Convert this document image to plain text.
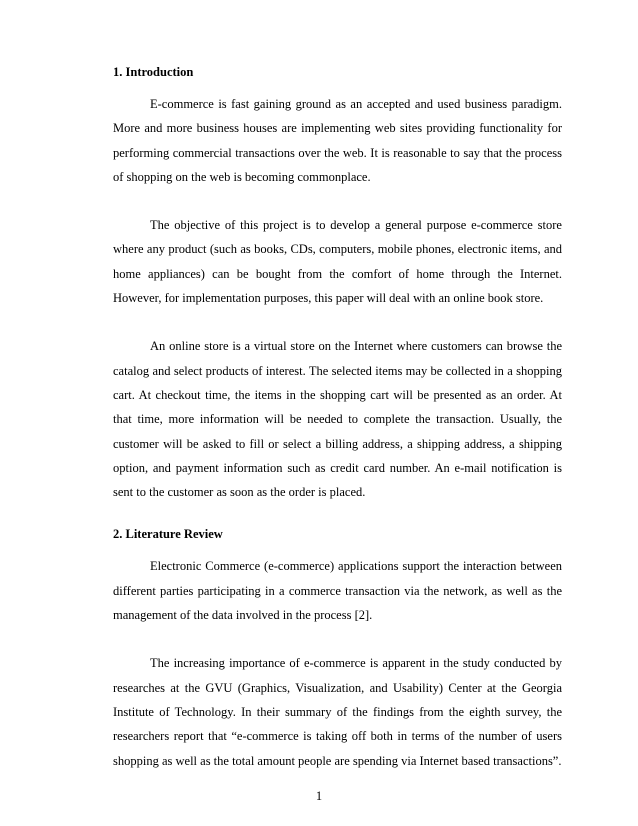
1. Introduction

E-commerce is fast gaining ground as an accepted and used business paradigm. More and more business houses are implementing web sites providing functionality for performing commercial transactions over the web. It is reasonable to say that the process of shopping on the web is becoming commonplace.

The objective of this project is to develop a general purpose e-commerce store where any product (such as books, CDs, computers, mobile phones, electronic items, and home appliances) can be bought from the comfort of home through the Internet. However, for implementation purposes, this paper will deal with an online book store.

An online store is a virtual store on the Internet where customers can browse the catalog and select products of interest. The selected items may be collected in a shopping cart. At checkout time, the items in the shopping cart will be presented as an order. At that time, more information will be needed to complete the transaction. Usually, the customer will be asked to fill or select a billing address, a shipping address, a shipping option, and payment information such as credit card number. An e-mail notification is sent to the customer as soon as the order is placed.

2. Literature Review

Electronic Commerce (e-commerce) applications support the interaction between different parties participating in a commerce transaction via the network, as well as the management of the data involved in the process [2].

The increasing importance of e-commerce is apparent in the study conducted by researches at the GVU (Graphics, Visualization, and Usability) Center at the Georgia Institute of Technology. In their summary of the findings from the eighth survey, the researchers report that “e-commerce is taking off both in terms of the number of users shopping as well as the total amount people are spending via Internet based transactions”.

1
